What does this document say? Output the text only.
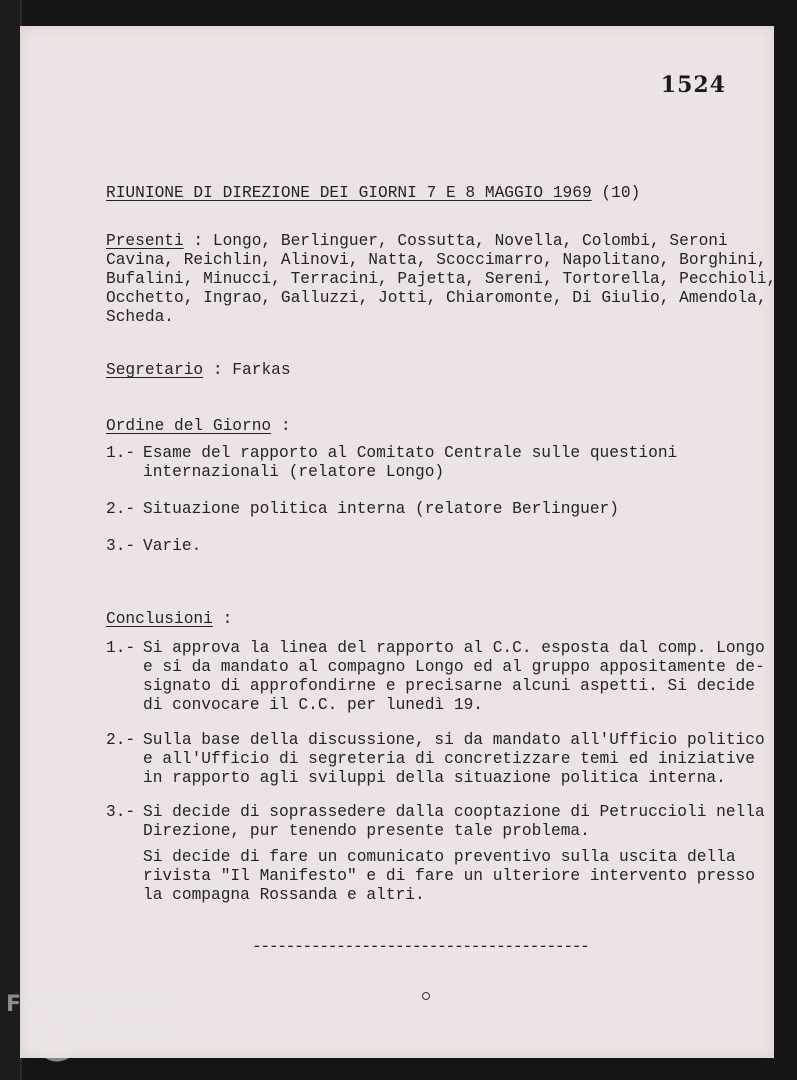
1524
RIUNIONE DI DIREZIONE DEI GIORNI 7 E 8 MAGGIO 1969 (10)
Presenti : Longo, Berlinguer, Cossutta, Novella, Colombi, Seroni
Cavina, Reichlin, Alinovi, Natta, Scoccimarro, Napolitano, Borghini,
Bufalini, Minucci, Terracini, Pajetta, Sereni, Tortorella, Pecchioli,
Occhetto, Ingrao, Galluzzi, Jotti, Chiaromonte, Di Giulio, Amendola,
Scheda.
Segretario : Farkas
Ordine del Giorno :
1.- Esame del rapporto al Comitato Centrale sulle questioni
internazionali (relatore Longo)
2.- Situazione politica interna (relatore Berlinguer)
3.- Varie.
Conclusioni :
1.- Si approva la linea del rapporto al C.C. esposta dal comp. Longo
e si da mandato al compagno Longo ed al gruppo appositamente de-
signato di approfondirne e precisarne alcuni aspetti. Si decide
di convocare il C.C. per lunedì 19.
2.- Sulla base della discussione, si da mandato all'Ufficio politico
e all'Ufficio di segreteria di concretizzare temi ed iniziative
in rapporto agli sviluppi della situazione politica interna.
3.- Si decide di soprassedere dalla cooptazione di Petruccioli nella
Direzione, pur tenendo presente tale problema.
Si decide di fare un comunicato preventivo sulla uscita della
rivista "Il Manifesto" e di fare un ulteriore intervento presso
la compagna Rossanda e altri.
----------------------------------------
FONDAZIONE
RAMSCI
onlus
